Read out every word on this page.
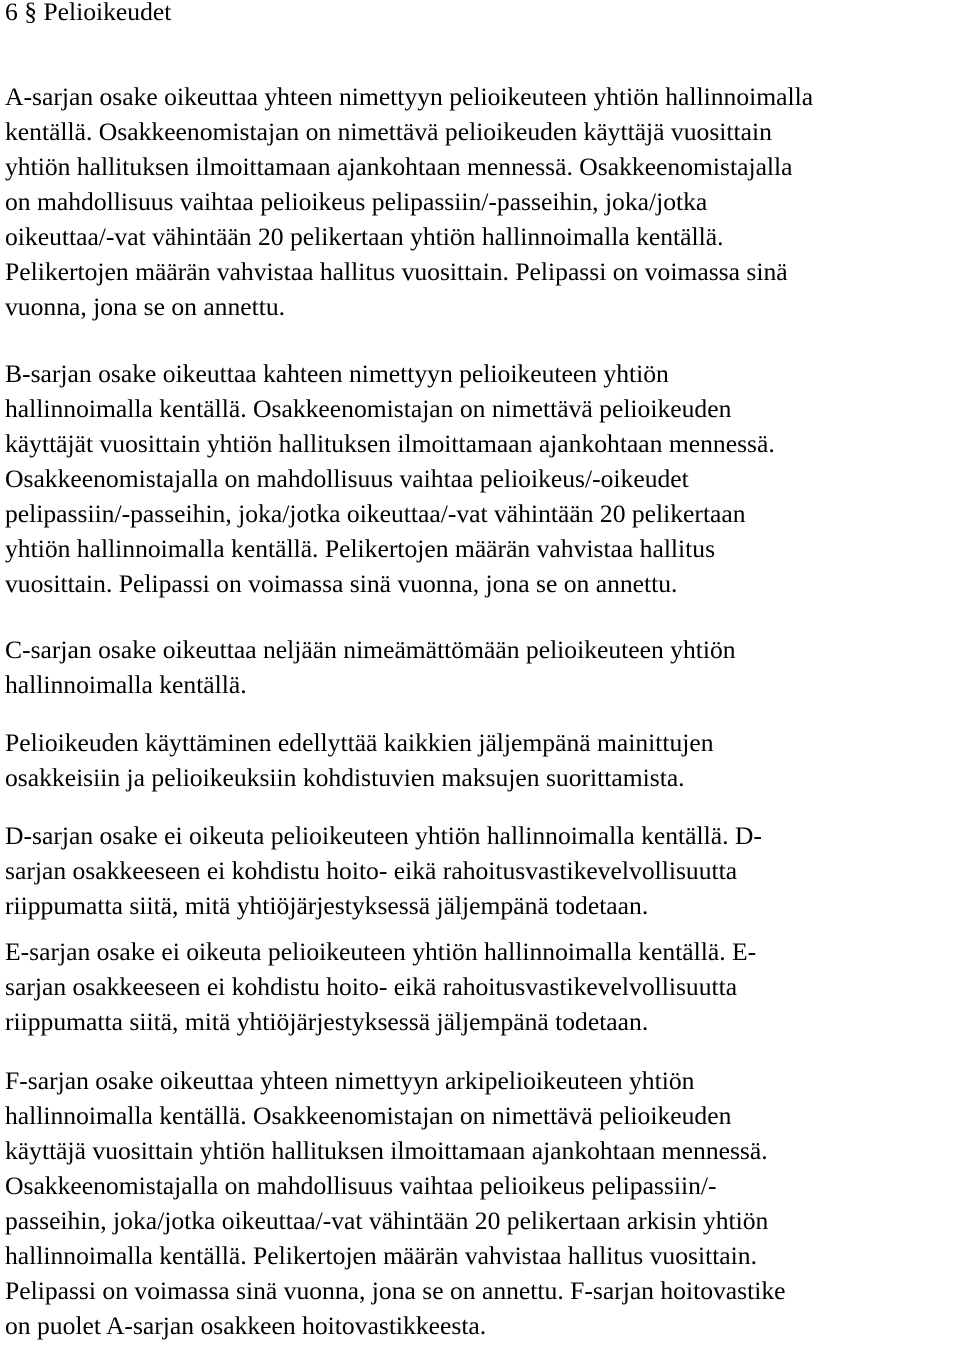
6 § Pelioikeudet
A-sarjan osake oikeuttaa yhteen nimettyyn pelioikeuteen yhtiön hallinnoimalla
kentällä. Osakkeenomistajan on nimettävä pelioikeuden käyttäjä vuosittain
yhtiön hallituksen ilmoittamaan ajankohtaan mennessä. Osakkeenomistajalla
on mahdollisuus vaihtaa pelioikeus pelipassiin/-passeihin, joka/jotka
oikeuttaa/-vat vähintään 20 pelikertaan yhtiön hallinnoimalla kentällä.
Pelikertojen määrän vahvistaa hallitus vuosittain. Pelipassi on voimassa sinä
vuonna, jona se on annettu.
B-sarjan osake oikeuttaa kahteen nimettyyn pelioikeuteen yhtiön
hallinnoimalla kentällä. Osakkeenomistajan on nimettävä pelioikeuden
käyttäjät vuosittain yhtiön hallituksen ilmoittamaan ajankohtaan mennessä.
Osakkeenomistajalla on mahdollisuus vaihtaa pelioikeus/-oikeudet
pelipassiin/-passeihin, joka/jotka oikeuttaa/-vat vähintään 20 pelikertaan
yhtiön hallinnoimalla kentällä. Pelikertojen määrän vahvistaa hallitus
vuosittain. Pelipassi on voimassa sinä vuonna, jona se on annettu.
C-sarjan osake oikeuttaa neljään nimeämättömään pelioikeuteen yhtiön
hallinnoimalla kentällä.
Pelioikeuden käyttäminen edellyttää kaikkien jäljempänä mainittujen
osakkeisiin ja pelioikeuksiin kohdistuvien maksujen suorittamista.
D-sarjan osake ei oikeuta pelioikeuteen yhtiön hallinnoimalla kentällä. D-
sarjan osakkeeseen ei kohdistu hoito- eikä rahoitusvastikevelvollisuutta
riippumatta siitä, mitä yhtiöjärjestyksessä jäljempänä todetaan.
E-sarjan osake ei oikeuta pelioikeuteen yhtiön hallinnoimalla kentällä. E-
sarjan osakkeeseen ei kohdistu hoito- eikä rahoitusvastikevelvollisuutta
riippumatta siitä, mitä yhtiöjärjestyksessä jäljempänä todetaan.
F-sarjan osake oikeuttaa yhteen nimettyyn arkipelioikeuteen yhtiön
hallinnoimalla kentällä. Osakkeenomistajan on nimettävä pelioikeuden
käyttäjä vuosittain yhtiön hallituksen ilmoittamaan ajankohtaan mennessä.
Osakkeenomistajalla on mahdollisuus vaihtaa pelioikeus pelipassiin/-
passeihin, joka/jotka oikeuttaa/-vat vähintään 20 pelikertaan arkisin yhtiön
hallinnoimalla kentällä. Pelikertojen määrän vahvistaa hallitus vuosittain.
Pelipassi on voimassa sinä vuonna, jona se on annettu. F-sarjan hoitovastike
on puolet A-sarjan osakkeen hoitovastikkeesta.
